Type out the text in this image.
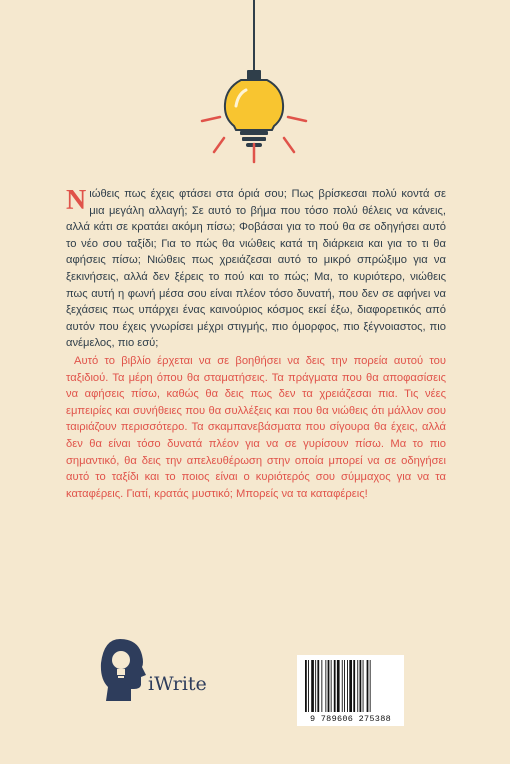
Νιώθεις πως έχεις φτάσει στα όριά σου; Πως βρίσκεσαι πολύ κοντά σε μια μεγάλη αλλαγή; Σε αυτό το βήμα που τόσο πολύ θέλεις να κάνεις, αλλά κάτι σε κρατάει ακόμη πίσω; Φοβάσαι για το πού θα σε οδηγήσει αυτό το νέο σου ταξίδι; Για το πώς θα νιώθεις κατά τη διάρκεια και για το τι θα αφήσεις πίσω; Νιώθεις πως χρειάζεσαι αυτό το μικρό σπρώξιμο για να ξεκινήσεις, αλλά δεν ξέρεις το πού και το πώς; Μα, το κυριότερο, νιώθεις πως αυτή η φωνή μέσα σου είναι πλέον τόσο δυνατή, που δεν σε αφήνει να ξεχάσεις πως υπάρχει ένας καινούριος κόσμος εκεί έξω, διαφορετικός από αυτόν που έχεις γνωρίσει μέχρι στιγμής, πιο όμορφος, πιο ξέγνοιαστος, πιο ανέμελος, πιο εσύ;

Αυτό το βιβλίο έρχεται να σε βοηθήσει να δεις την πορεία αυτού του ταξιδιού. Τα μέρη όπου θα σταματήσεις. Τα πράγματα που θα αποφασίσεις να αφήσεις πίσω, καθώς θα δεις πως δεν τα χρειάζεσαι πια. Τις νέες εμπειρίες και συνήθειες που θα συλλέξεις και που θα νιώθεις ότι μάλλον σου ταιριάζουν περισσότερο. Τα σκαμπανεβάσματα που σίγουρα θα έχεις, αλλά δεν θα είναι τόσο δυνατά πλέον για να σε γυρίσουν πίσω. Μα το πιο σημαντικό, θα δεις την απελευθέρωση στην οποία μπορεί να σε οδηγήσει αυτό το ταξίδι και το ποιος είναι ο κυριότερός σου σύμμαχος για να τα καταφέρεις. Γιατί, κρατάς μυστικό; Μπορείς να τα καταφέρεις!

iWrite
9 789606 275388
